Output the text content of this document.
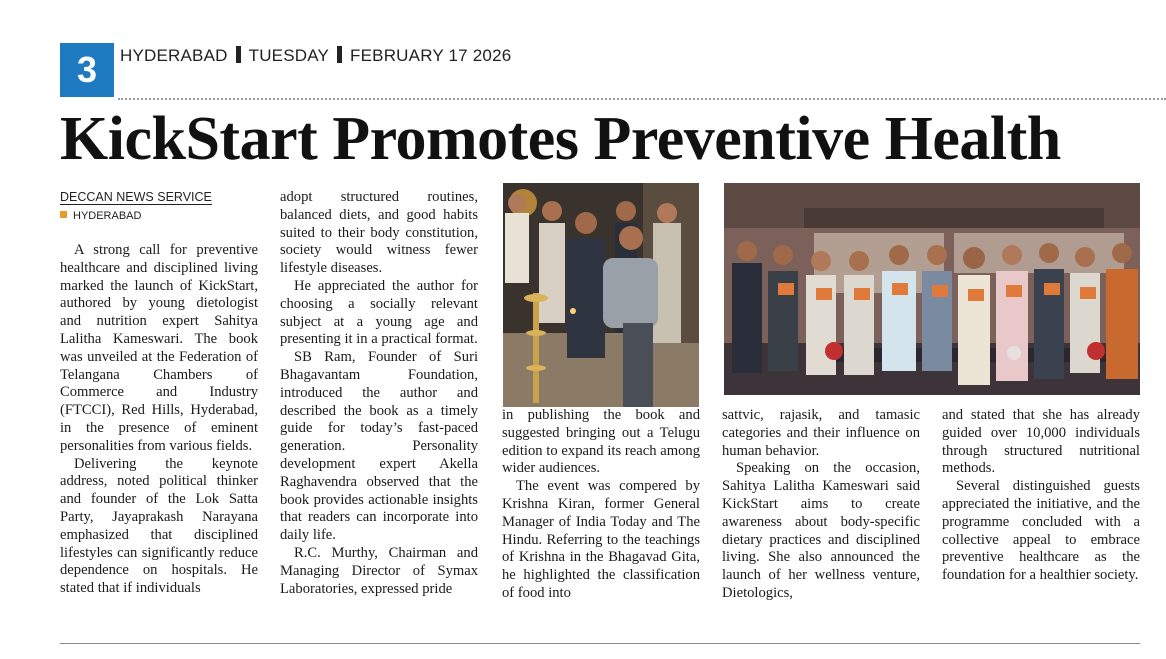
3	HYDERABAD TUESDAY FEBRUARY 17 2026
KickStart Promotes Preventive Health
DECCAN NEWS SERVICE
HYDERABAD

A strong call for preventive healthcare and disciplined living marked the launch of KickStart, authored by young dietologist and nutrition expert Sahitya Lalitha Kameswari. The book was unveiled at the Federation of Telangana Chambers of Commerce and Industry (FTCCI), Red Hills, Hyderabad, in the presence of eminent personalities from various fields.

Delivering the keynote address, noted political thinker and founder of the Lok Satta Party, Jayaprakash Narayana emphasized that disciplined lifestyles can significantly reduce dependence on hospitals. He stated that if individuals

adopt structured routines, balanced diets, and good habits suited to their body constitution, society would witness fewer lifestyle diseases.

He appreciated the author for choosing a socially relevant subject at a young age and presenting it in a practical format.

SB Ram, Founder of Suri Bhagavantam Foundation, introduced the author and described the book as a timely guide for today’s fast-paced generation. Personality development expert Akella Raghavendra observed that the book provides actionable insights that readers can incorporate into daily life.

R.C. Murthy, Chairman and Managing Director of Symax Laboratories, expressed pride

in publishing the book and suggested bringing out a Telugu edition to expand its reach among wider audiences.

The event was compered by Krishna Kiran, former General Manager of India Today and The Hindu. Referring to the teachings of Krishna in the Bhagavad Gita, he highlighted the classification of food into

sattvic, rajasik, and tamasic categories and their influence on human behavior.

Speaking on the occasion, Sahitya Lalitha Kameswari said KickStart aims to create awareness about body-specific dietary practices and disciplined living. She also announced the launch of her wellness venture, Dietologics,

and stated that she has already guided over 10,000 individuals through structured nutritional methods.

Several distinguished guests appreciated the initiative, and the programme concluded with a collective appeal to embrace preventive healthcare as the foundation for a healthier society.
